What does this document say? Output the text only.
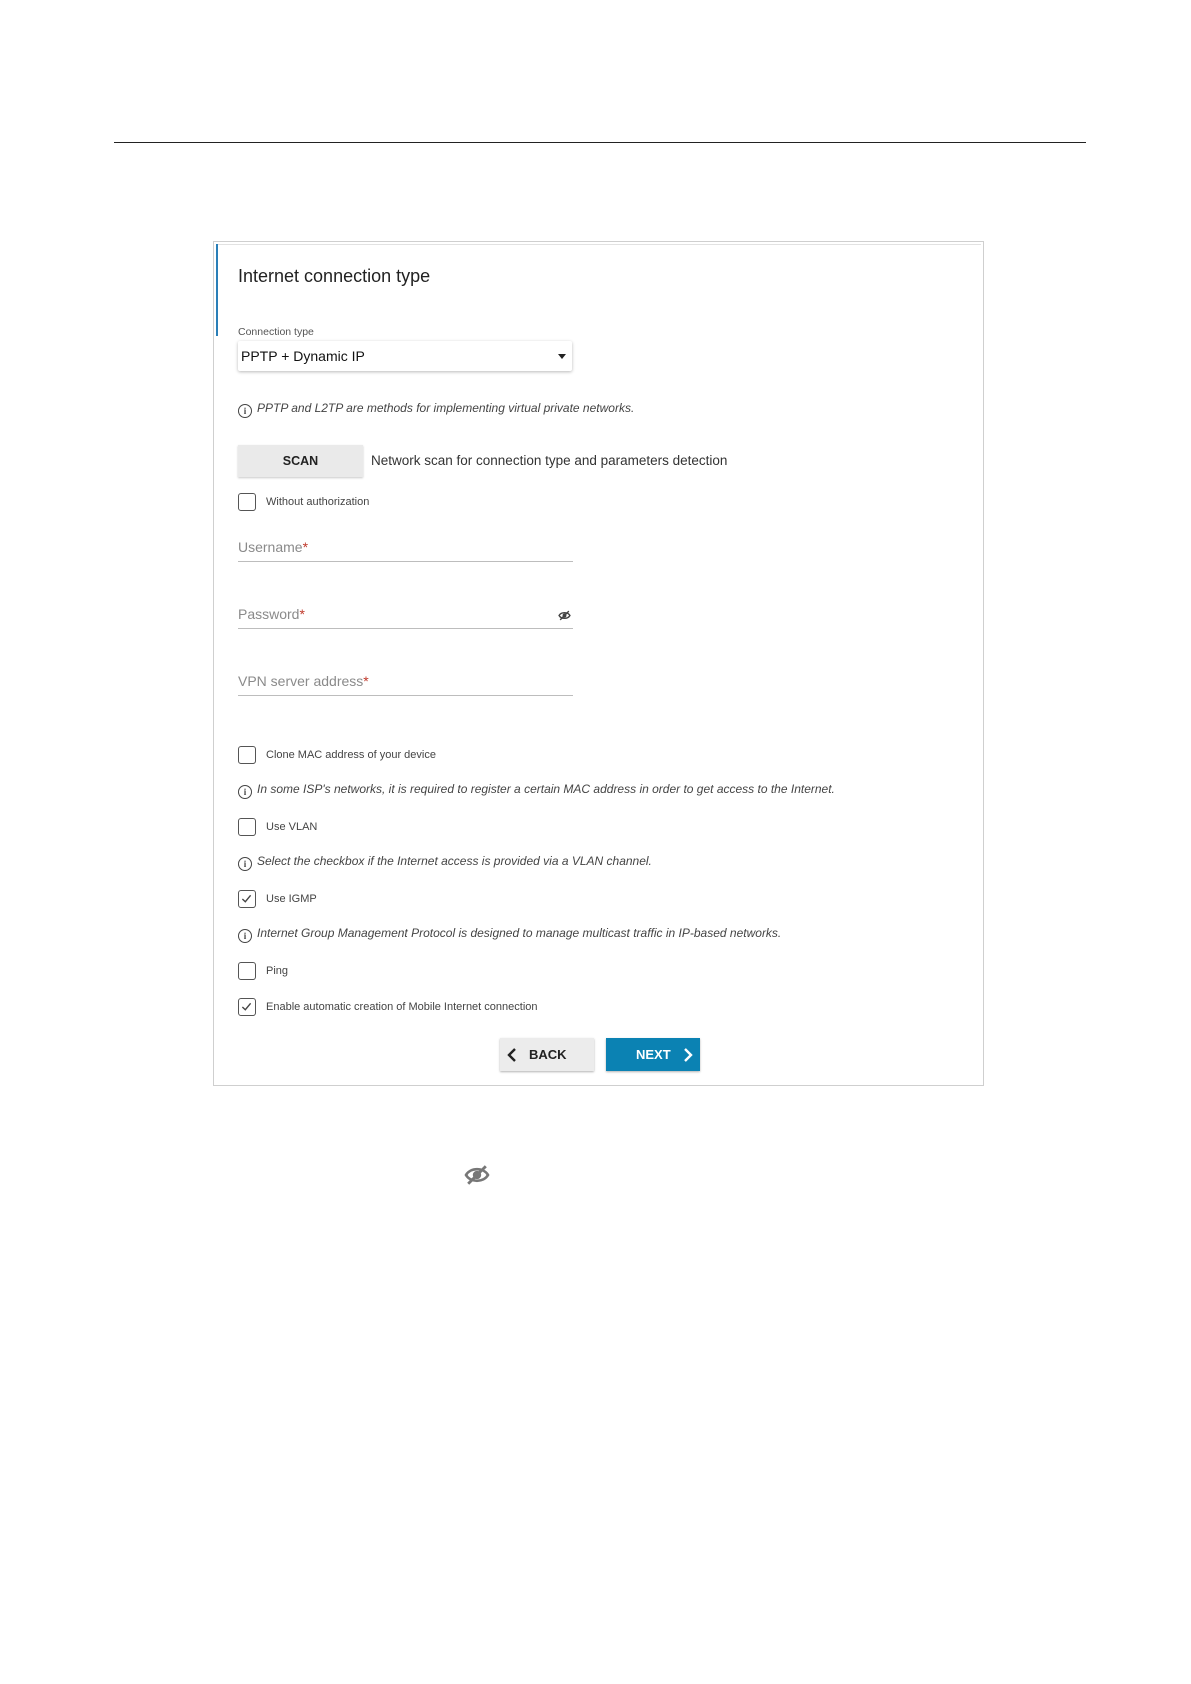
Internet connection type
Connection type
PPTP + Dynamic IP
i PPTP and L2TP are methods for implementing virtual private networks.
SCAN	Network scan for connection type and parameters detection
Without authorization
Username*
Password*
VPN server address*
Clone MAC address of your device
i In some ISP's networks, it is required to register a certain MAC address in order to get access to the Internet.
Use VLAN
i Select the checkbox if the Internet access is provided via a VLAN channel.
Use IGMP
i Internet Group Management Protocol is designed to manage multicast traffic in IP-based networks.
Ping
Enable automatic creation of Mobile Internet connection
BACK	NEXT
